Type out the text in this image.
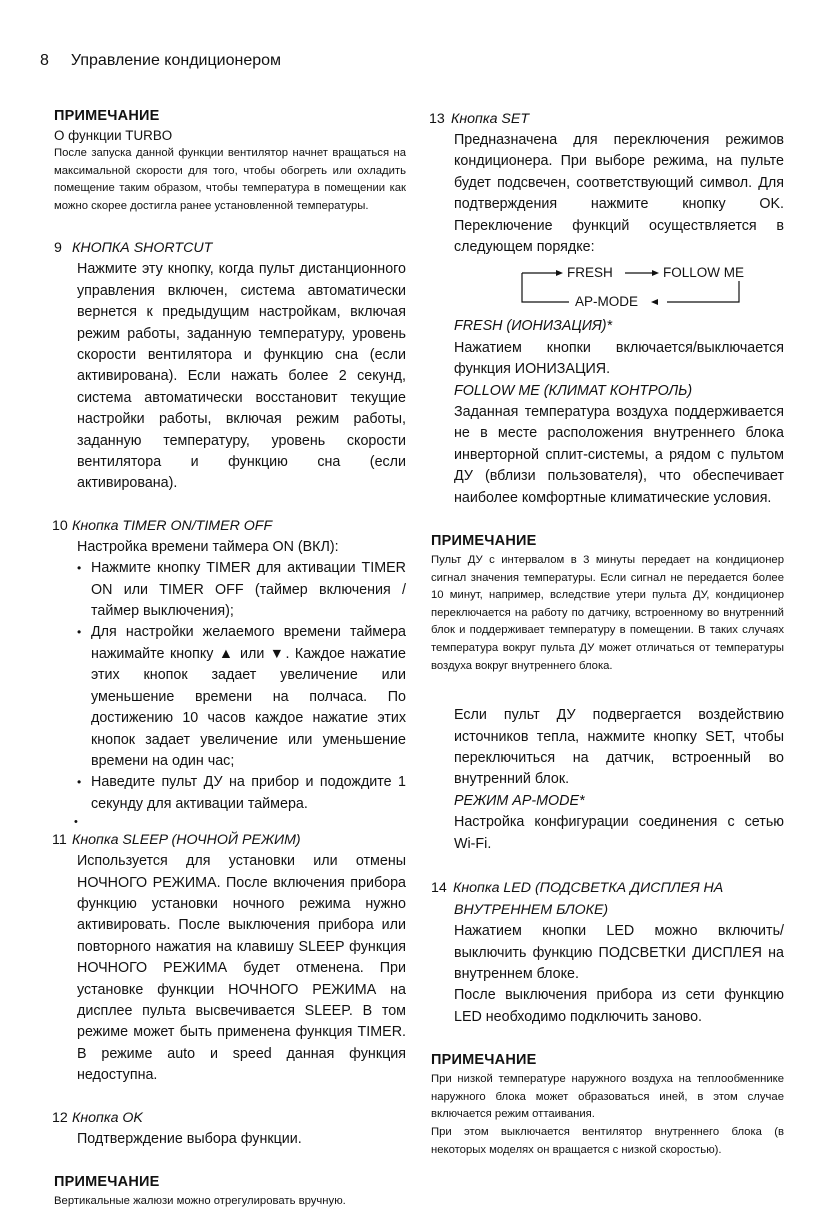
8 Управление кондиционером
ПРИМЕЧАНИЕ

О функции TURBO

После запуска данной функции вентилятор начнет вращаться на максимальной скорости для того, чтобы обогреть или охладить помещение таким образом, чтобы температура в помещении как можно скорее достигла ранее установленной температуры.

9 КНОПКА SHORTCUT

Нажмите эту кнопку, когда пульт дистанционного управления включен, система автоматически вернется к предыдущим настройкам, включая режим работы, заданную температуру, уровень скорости вентилятора и функцию сна (если активирована). Если нажать более 2 секунд, система автоматически восстановит текущие настройки работы, включая режим работы, заданную температуру, уровень скорости вентилятора и функцию сна (если активирована).

10 Кнопка TIMER ON/TIMER OFF

Настройка времени таймера ON (ВКЛ):

• Нажмите кнопку TIMER для активации TIMER ON или TIMER OFF (таймер включения / таймер выключения);
• Для настройки желаемого времени таймера нажимайте кнопку ▲ или ▼. Каждое нажатие этих кнопок задает увеличение или уменьшение времени на полчаса. По достижению 10 часов каждое нажатие этих кнопок задает увеличение или уменьшение времени на один час;
• Наведите пульт ДУ на прибор и подождите 1 секунду для активации таймера.
•
11 Кнопка SLEEP (НОЧНОЙ РЕЖИМ)

Используется для установки или отмены НОЧНОГО РЕЖИМА. После включения прибора функцию установки ночного режима нужно активировать. После выключения прибора или повторного нажатия на клавишу SLEEP функция НОЧНОГО РЕЖИМА будет отменена. При установке функции НОЧНОГО РЕЖИМА на дисплее пульта высвечивается SLEEP. В том режиме может быть применена функция TIMER. В режиме auto и speed данная функция недоступна.

12 Кнопка OK

Подтверждение выбора функции.

ПРИМЕЧАНИЕ

Вертикальные жалюзи можно отрегулировать вручную.

13 Кнопка SET

Предназначена для переключения режимов кондиционера. При выборе режима, на пульте будет подсвечен, соответствующий символ. Для подтверждения нажмите кнопку OK. Переключение функций осуществляется в следующем порядке:

FRESH	FOLLOW ME
AP-MODE

FRESH (ИОНИЗАЦИЯ)*

Нажатием кнопки включается/выключается функция ИОНИЗАЦИЯ.

FOLLOW ME (КЛИМАТ КОНТРОЛЬ)

Заданная температура воздуха поддерживается не в месте расположения внутреннего блока инверторной сплит-системы, а рядом с пультом ДУ (вблизи пользователя), что обеспечивает наиболее комфортные климатические условия.

ПРИМЕЧАНИЕ

Пульт ДУ с интервалом в 3 минуты передает на кондиционер сигнал значения температуры. Если сигнал не передается более 10 минут, например, вследствие утери пульта ДУ, кондиционер переключается на работу по датчику, встроенному во внутренний блок и поддерживает температуру в помещении. В таких случаях температура вокруг пульта ДУ может отличаться от температуры воздуха вокруг внутреннего блока.

Если пульт ДУ подвергается воздействию источников тепла, нажмите кнопку SET, чтобы переключиться на датчик, встроенный во внутренний блок.

РЕЖИМ AP-MODE*

Настройка конфигурации соединения с сетью Wi-Fi.

14 Кнопка LED (ПОДСВЕТКА ДИСПЛЕЯ НА ВНУТРЕННЕМ БЛОКЕ)

Нажатием кнопки LED можно включить/выключить функцию ПОДСВЕТКИ ДИСПЛЕЯ на внутреннем блоке.

После выключения прибора из сети функцию LED необходимо подключить заново.

ПРИМЕЧАНИЕ

При низкой температуре наружного воздуха на теплообменнике наружного блока может образоваться иней, в этом случае включается режим оттаивания.

При этом выключается вентилятор внутреннего блока (в некоторых моделях он вращается с низкой скоростью).
